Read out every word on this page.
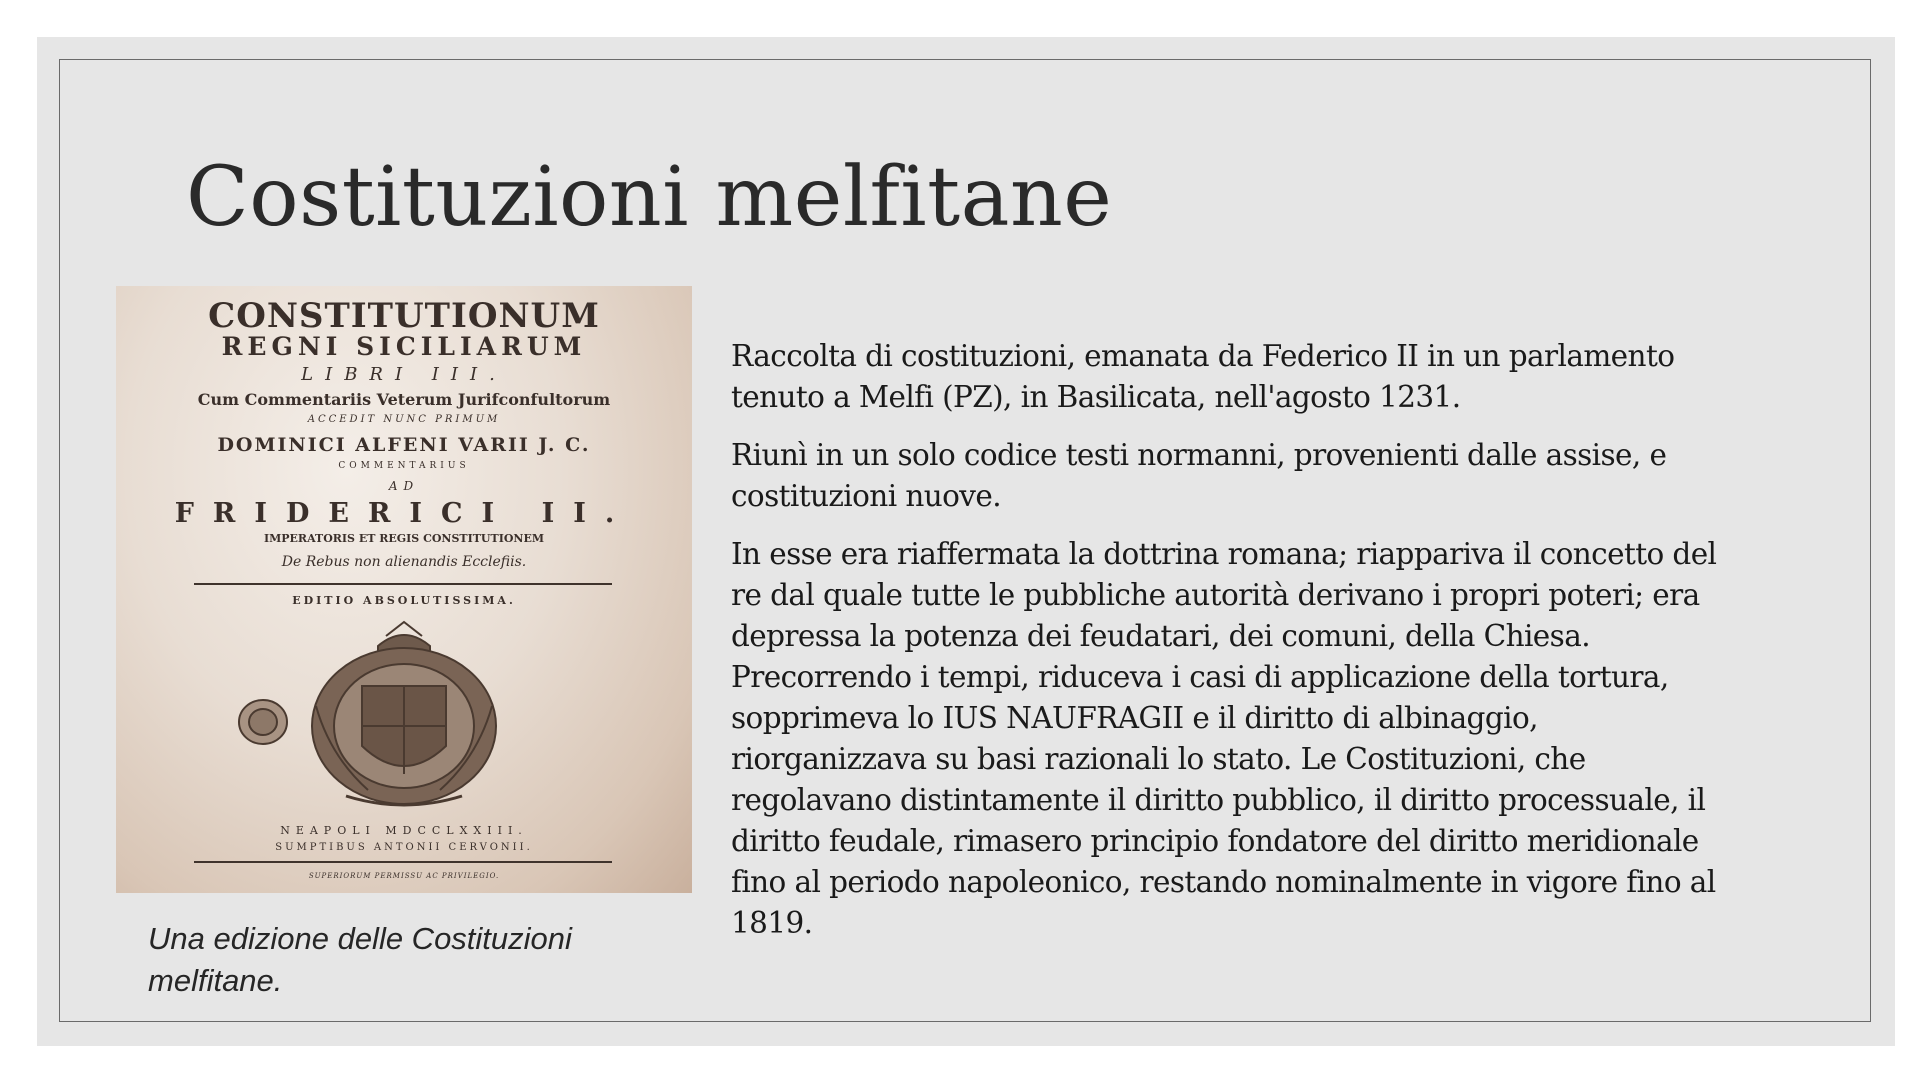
Costituzioni melfitane
CONSTITUTIONUM
REGNI SICILIARUM
LIBRI III.
Cum Commentariis Veterum Jurifconfultorum
ACCEDIT NUNC PRIMUM
DOMINICI ALFENI VARII J. C.
COMMENTARIUS
AD
FRIDERICI II.
IMPERATORIS ET REGIS CONSTITUTIONEM
De Rebus non alienandis Ecclefiis.
EDITIO ABSOLUTISSIMA.
NEAPOLI MDCCLXXIII.
SUMPTIBUS ANTONII CERVONII.
SUPERIORUM PERMISSU AC PRIVILEGIO.
Una edizione delle Costituzioni melfitane.

Raccolta di costituzioni, emanata da Federico II in un parlamento tenuto a Melfi (PZ), in Basilicata, nell'agosto 1231.

Riunì in un solo codice testi normanni, provenienti dalle assise, e costituzioni nuove.

In esse era riaffermata la dottrina romana; riappariva il concetto del re dal quale tutte le pubbliche autorità derivano i propri poteri; era depressa la potenza dei feudatari, dei comuni, della Chiesa. Precorrendo i tempi, riduceva i casi di applicazione della tortura, sopprimeva lo IUS NAUFRAGII e il diritto di albinaggio, riorganizzava su basi razionali lo stato. Le Costituzioni, che regolavano distintamente il diritto pubblico, il diritto processuale, il diritto feudale, rimasero principio fondatore del diritto meridionale fino al periodo napoleonico, restando nominalmente in vigore fino al 1819.
